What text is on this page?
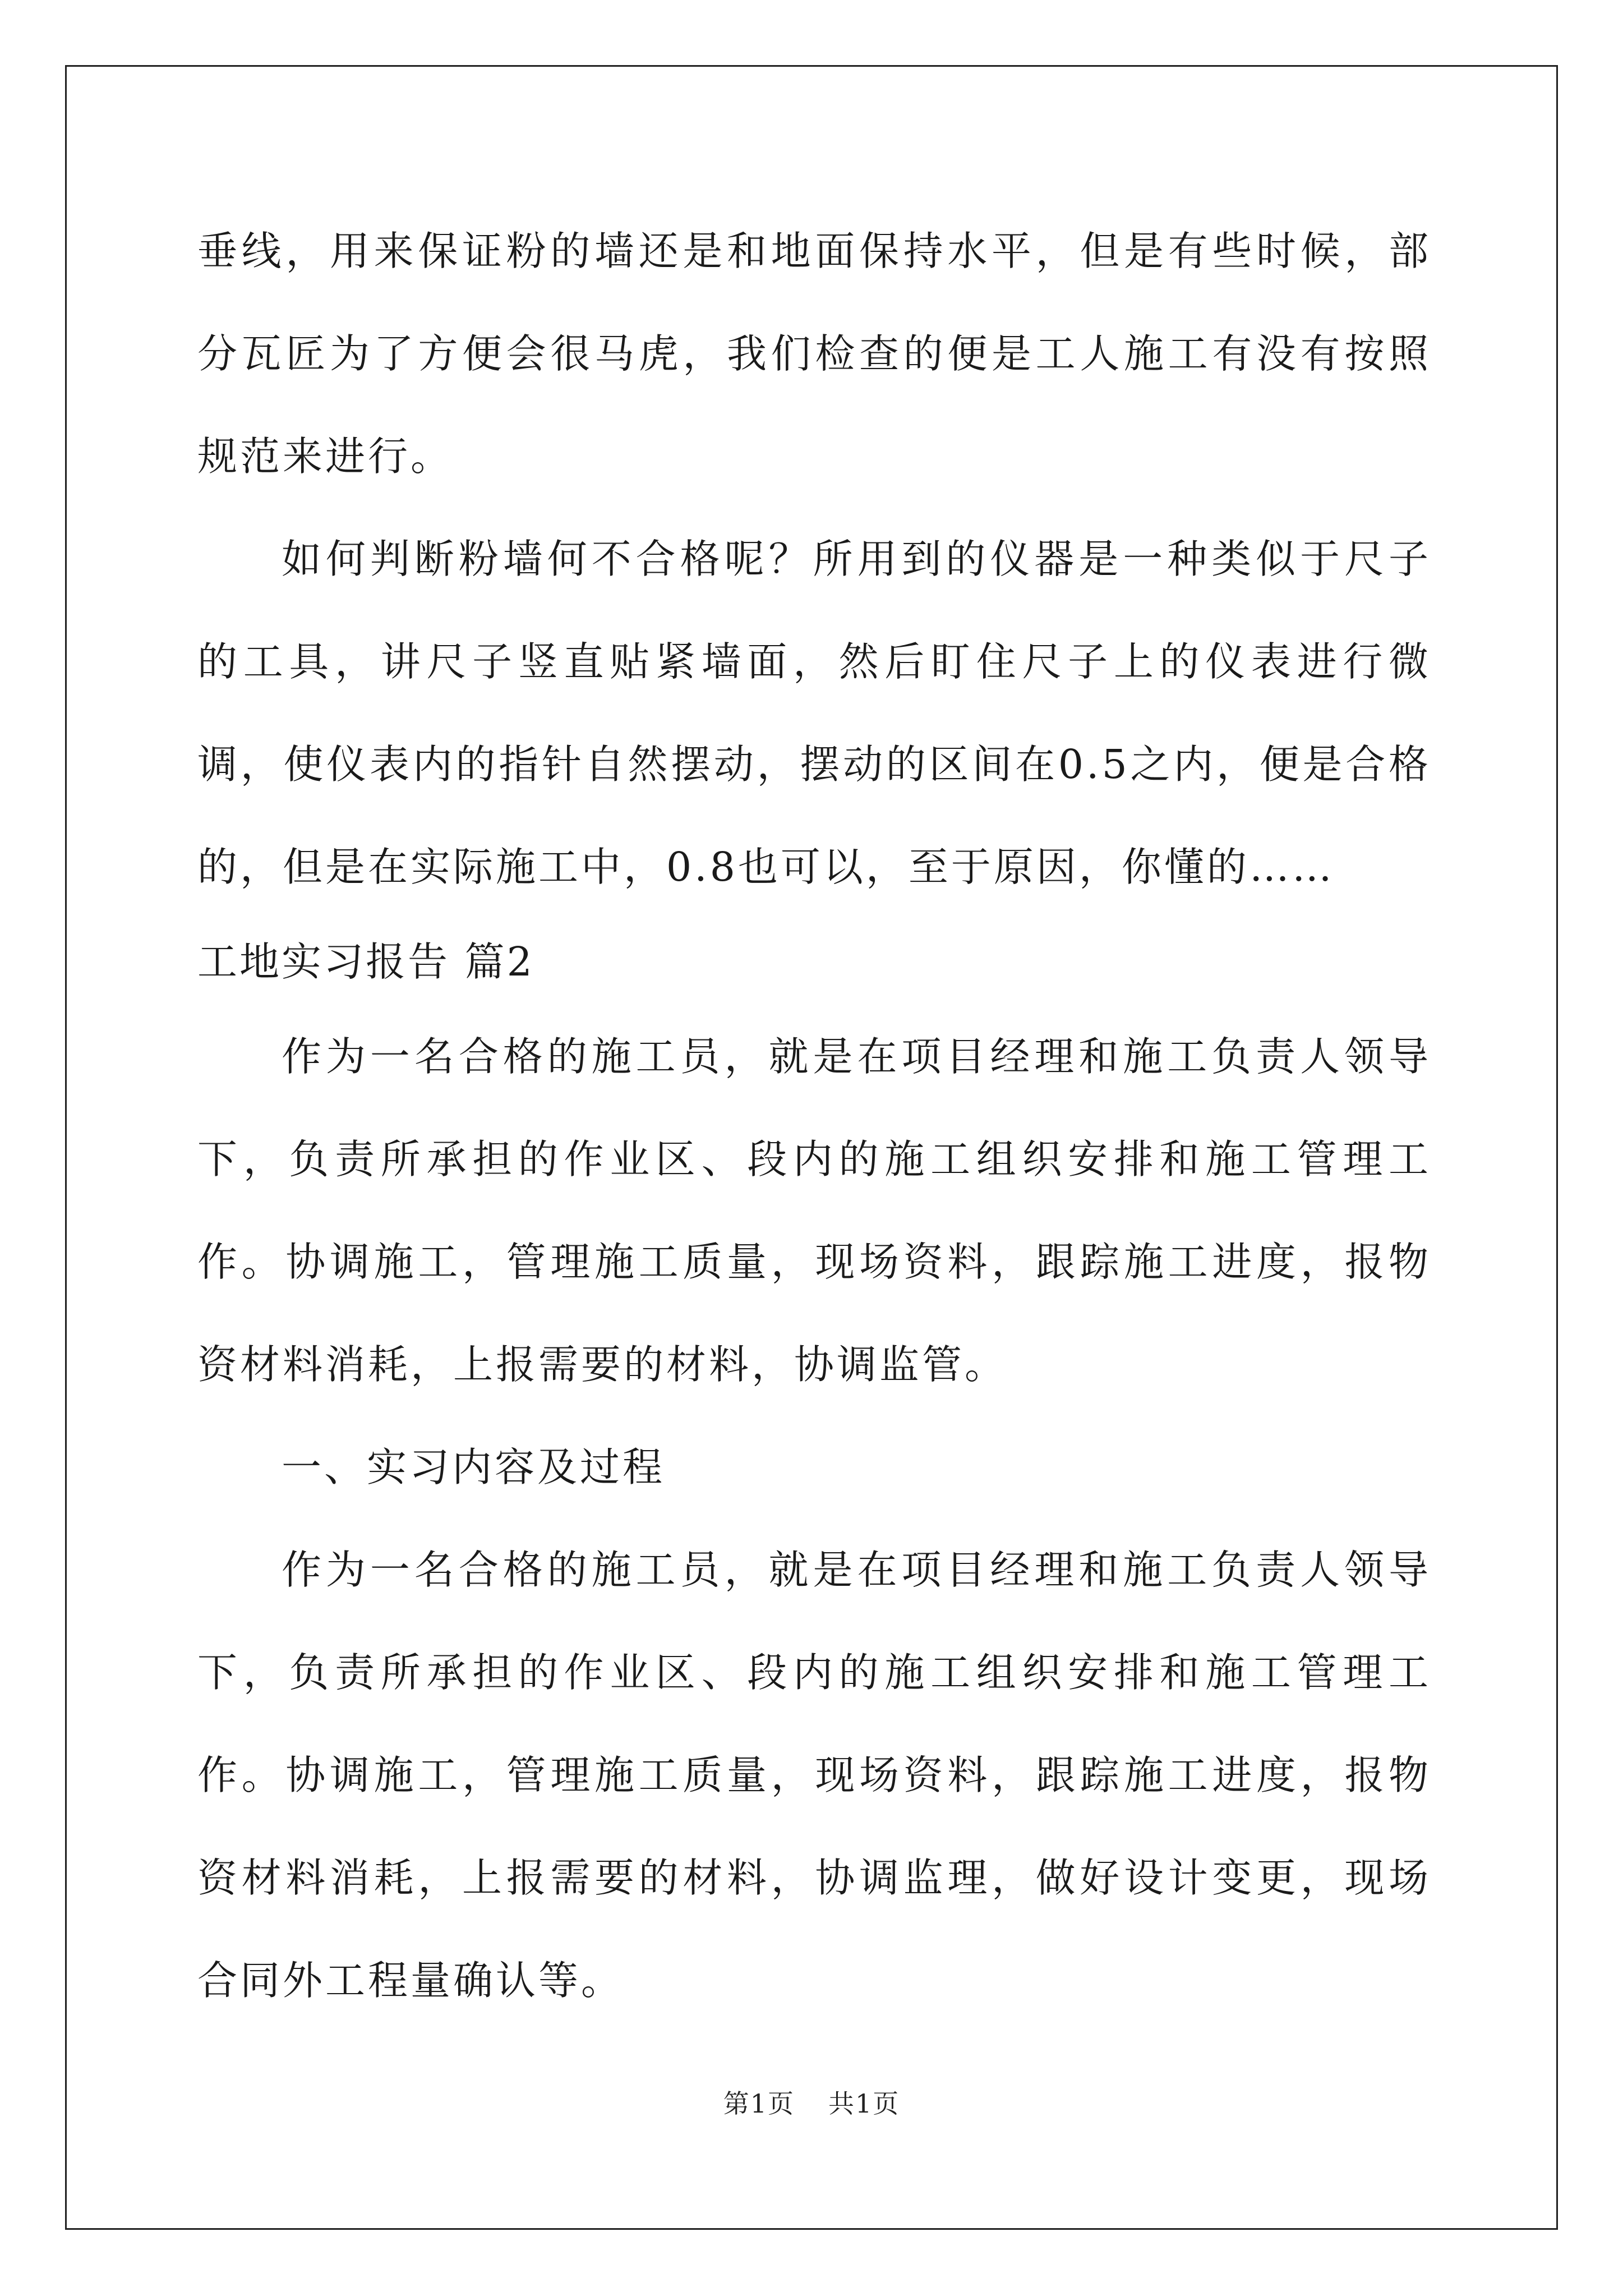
垂线，用来保证粉的墙还是和地面保持水平，但是有些时候，部分瓦匠为了方便会很马虎，我们检查的便是工人施工有没有按照规范来进行。

如何判断粉墙何不合格呢？所用到的仪器是一种类似于尺子的工具，讲尺子竖直贴紧墙面，然后盯住尺子上的仪表进行微调，使仪表内的指针自然摆动，摆动的区间在0.5之内，便是合格的，但是在实际施工中，0.8也可以，至于原因，你懂的……

工地实习报告 篇2

作为一名合格的施工员，就是在项目经理和施工负责人领导下，负责所承担的作业区、段内的施工组织安排和施工管理工作。协调施工，管理施工质量，现场资料，跟踪施工进度，报物资材料消耗，上报需要的材料，协调监管。

一、实习内容及过程

作为一名合格的施工员，就是在项目经理和施工负责人领导下，负责所承担的作业区、段内的施工组织安排和施工管理工作。协调施工，管理施工质量，现场资料，跟踪施工进度，报物资材料消耗，上报需要的材料，协调监理，做好设计变更，现场合同外工程量确认等。

第1页 共1页
